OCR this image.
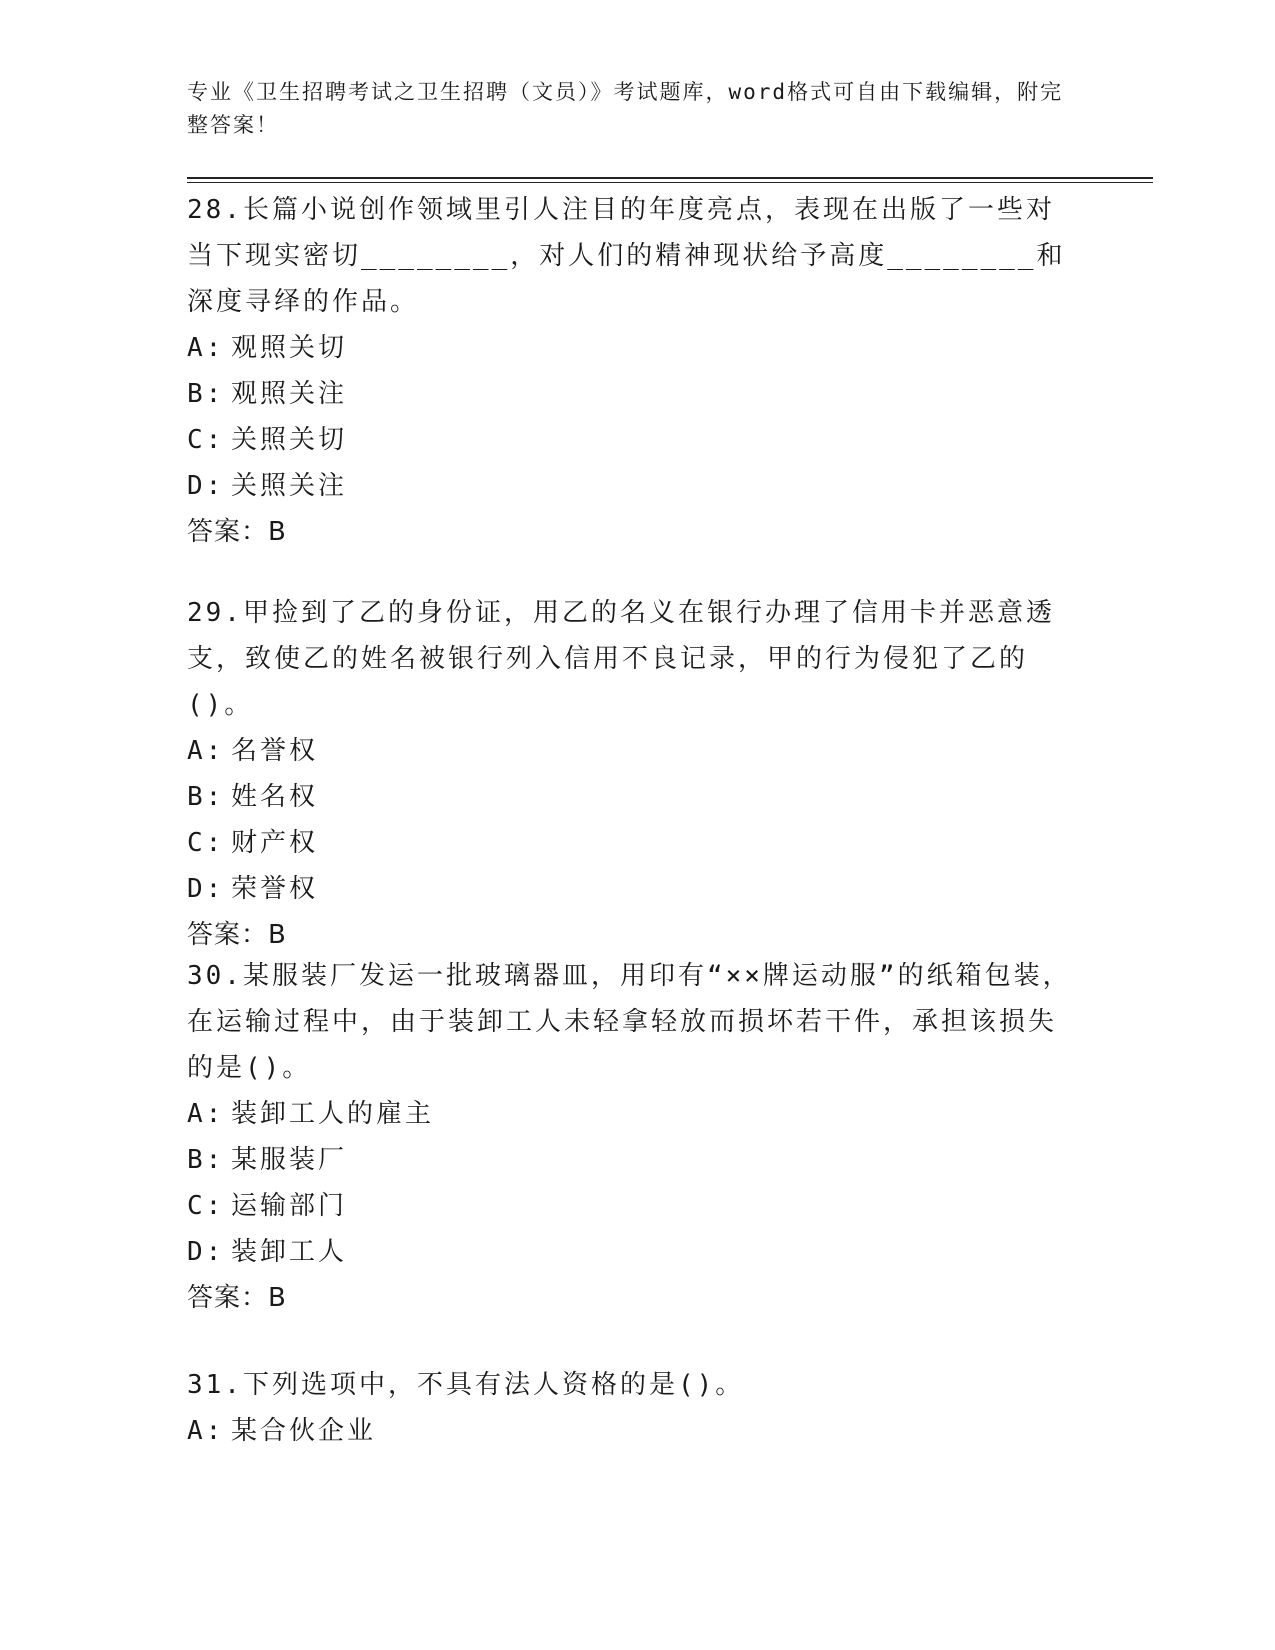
专业《卫生招聘考试之卫生招聘（文员）》考试题库，word格式可自由下载编辑，附完整答案！

28.长篇小说创作领域里引人注目的年度亮点，表现在出版了一些对当下现实密切________，对人们的精神现状给予高度________和深度寻绎的作品。

A: 观照关切

B: 观照关注

C: 关照关切

D: 关照关注

答案：B

29.甲捡到了乙的身份证，用乙的名义在银行办理了信用卡并恶意透支，致使乙的姓名被银行列入信用不良记录，甲的行为侵犯了乙的()。

A: 名誉权

B: 姓名权

C: 财产权

D: 荣誉权

答案：B

30.某服装厂发运一批玻璃器皿，用印有“××牌运动服”的纸箱包装，在运输过程中，由于装卸工人未轻拿轻放而损坏若干件，承担该损失的是()。

A: 装卸工人的雇主

B: 某服装厂

C: 运输部门

D: 装卸工人

答案：B

31.下列选项中，不具有法人资格的是()。

A: 某合伙企业
